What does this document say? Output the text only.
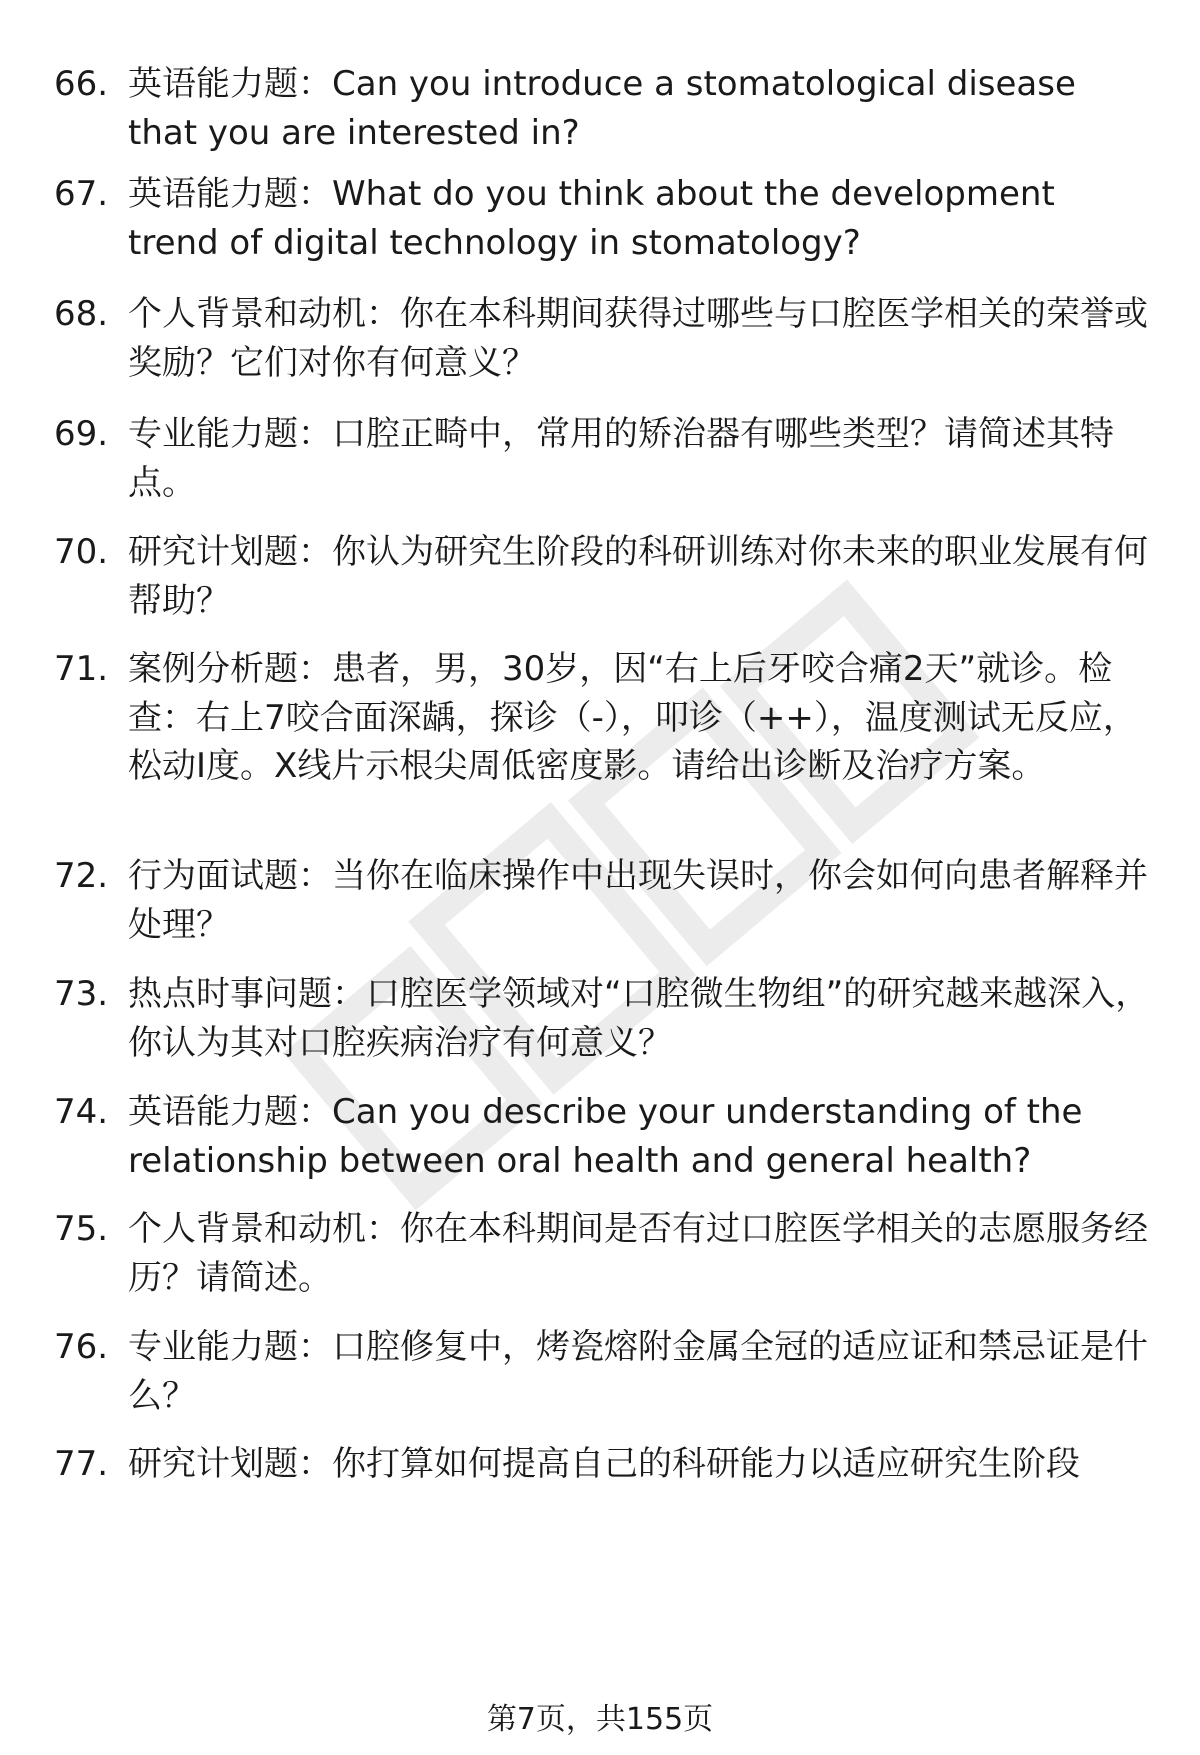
66. 英语能力题：Can you introduce a stomatological disease that you are interested in?
67. 英语能力题：What do you think about the development trend of digital technology in stomatology?
68. 个人背景和动机：你在本科期间获得过哪些与口腔医学相关的荣誉或奖励？它们对你有何意义？
69. 专业能力题：口腔正畸中，常用的矫治器有哪些类型？请简述其特点。
70. 研究计划题：你认为研究生阶段的科研训练对你未来的职业发展有何帮助？
71. 案例分析题：患者，男，30岁，因“右上后牙咬合痛2天”就诊。检查：右上7咬合面深龋，探诊（-），叩诊（++），温度测试无反应，松动Ⅰ度。X线片示根尖周低密度影。请给出诊断及治疗方案。
72. 行为面试题：当你在临床操作中出现失误时，你会如何向患者解释并处理？
73. 热点时事问题：口腔医学领域对“口腔微生物组”的研究越来越深入，你认为其对口腔疾病治疗有何意义？
74. 英语能力题：Can you describe your understanding of the relationship between oral health and general health?
75. 个人背景和动机：你在本科期间是否有过口腔医学相关的志愿服务经历？请简述。
76. 专业能力题：口腔修复中，烤瓷熔附金属全冠的适应证和禁忌证是什么？
77. 研究计划题：你打算如何提高自己的科研能力以适应研究生阶段
第7页，共155页
